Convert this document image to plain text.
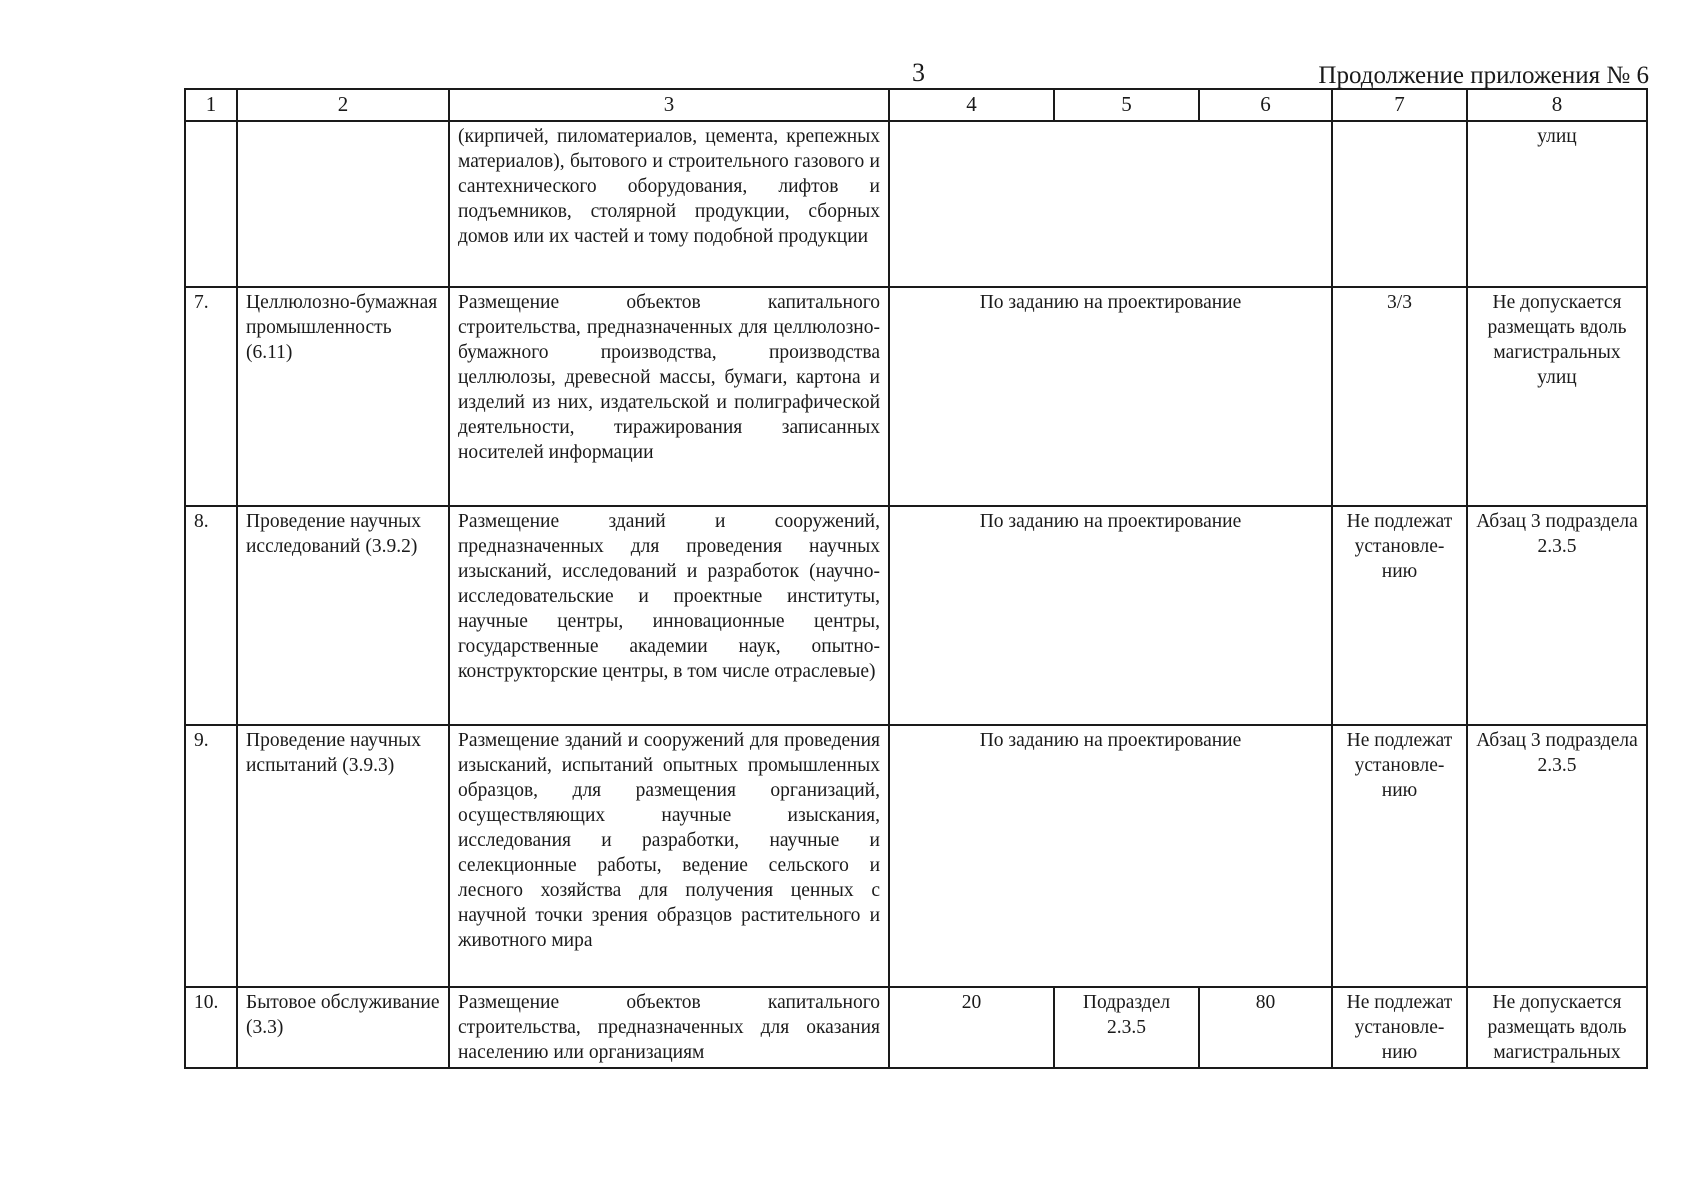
3	Продолжение приложения № 6
1	2	3	4	5	6	7	8
		(кирпичей, пиломатериалов, цемента, крепежных материалов), бытового и строительного газового и сантехнического оборудования, лифтов и подъемников, столярной продукции, сборных домов или их частей и тому подобной продукции					улиц
7.	Целлюлозно-бумажная промышленность (6.11)	Размещение объектов капитального строительства, предназначенных для целлюлозно-бумажного производства, производства целлюлозы, древесной массы, бумаги, картона и изделий из них, издательской и полиграфической деятельности, тиражирования записанных носителей информации	По заданию на проектирование			3/3	Не допускается размещать вдоль магистральных улиц
8.	Проведение научных исследований (3.9.2)	Размещение зданий и сооружений, предназначенных для проведения научных изысканий, исследований и разработок (научно-исследовательские и проектные институты, научные центры, инновационные центры, государственные академии наук, опытно-конструкторские центры, в том числе отраслевые)	По заданию на проектирование			Не подлежат установле-нию	Абзац 3 подраздела 2.3.5
9.	Проведение научных испытаний (3.9.3)	Размещение зданий и сооружений для проведения изысканий, испытаний опытных промышленных образцов, для размещения организаций, осуществляющих научные изыскания, исследования и разработки, научные и селекционные работы, ведение сельского и лесного хозяйства для получения ценных с научной точки зрения образцов растительного и животного мира	По заданию на проектирование			Не подлежат установле-нию	Абзац 3 подраздела 2.3.5
10.	Бытовое обслуживание (3.3)	Размещение объектов капитального строительства, предназначенных для оказания населению или организациям	20	Подраздел 2.3.5	80	Не подлежат установле-нию	Не допускается размещать вдоль магистральных
